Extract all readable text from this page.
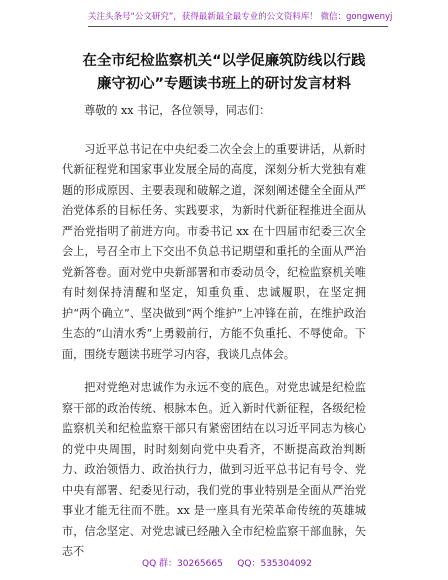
关注头条号“公文研究”，获得最新最全最专业的公文资料库！ 微信：gongwenyj
在全市纪检监察机关“以学促廉筑防线以行践
廉守初心”专题读书班上的研讨发言材料

尊敬的 xx 书记，各位领导，同志们：

习近平总书记在中央纪委二次全会上的重要讲话，从新时代新征程党和国家事业发展全局的高度，深刻分析大党独有难题的形成原因、主要表现和破解之道，深刻阐述健全全面从严治党体系的目标任务、实践要求，为新时代新征程推进全面从严治党指明了前进方向。市委书记 xx 在十四届市纪委三次全会上，号召全市上下交出不负总书记期望和重托的全面从严治党新答卷。面对党中央新部署和市委动员令，纪检监察机关唯有时刻保持清醒和坚定，知重负重、忠诚履职，在坚定拥护“两个确立”、坚决做到“两个维护”上冲锋在前，在维护政治生态的“山清水秀”上勇毅前行，方能不负重托、不辱使命。下面，围绕专题读书班学习内容，我谈几点体会。

把对党绝对忠诚作为永远不变的底色。对党忠诚是纪检监察干部的政治传统、根脉本色。近入新时代新征程，各级纪检监察机关和纪检监察干部只有紧密团结在以习近平同志为核心的党中央周围，时时刻刻向党中央看齐，不断提高政治判断力、政治领悟力、政治执行力，做到习近平总书记有号令、党中央有部署、纪委见行动，我们党的事业特别是全面从严治党事业才能无往而不胜。xx 是一座具有光荣革命传统的英雄城市，信念坚定、对党忠诚已经融入全市纪检监察干部血脉，矢志不

QQ 群：30265665 QQ：535304092
